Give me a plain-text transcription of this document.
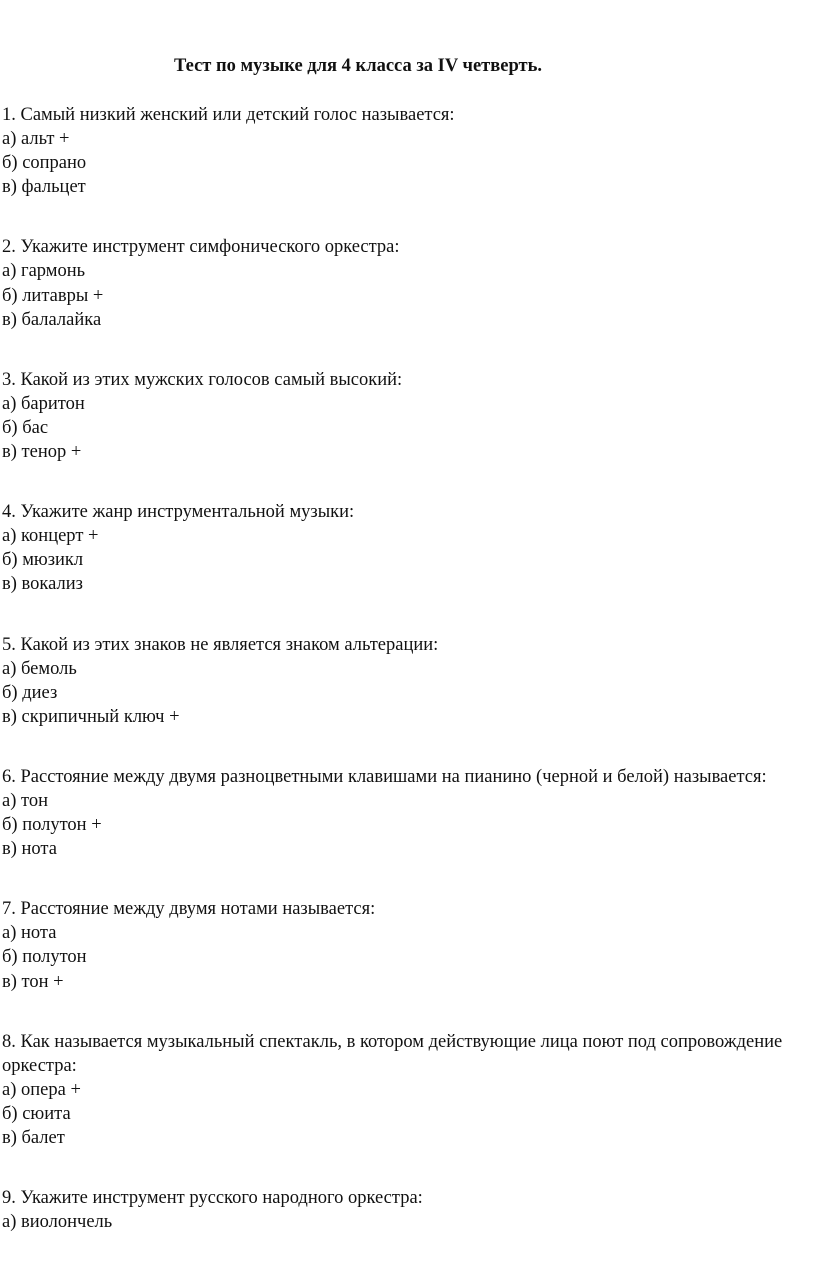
Тест по музыке для 4 класса за IV четверть.
1. Самый низкий женский или детский голос называется:
а) альт +
б) сопрано
в) фальцет
2. Укажите инструмент симфонического оркестра:
а) гармонь
б) литавры +
в) балалайка
3. Какой из этих мужских голосов самый высокий:
а) баритон
б) бас
в) тенор +
4. Укажите жанр инструментальной музыки:
а) концерт +
б) мюзикл
в) вокализ
5. Какой из этих знаков не является знаком альтерации:
а) бемоль
б) диез
в) скрипичный ключ +
6. Расстояние между двумя разноцветными клавишами на пианино (черной и белой) называется:
а) тон
б) полутон +
в) нота
7. Расстояние между двумя нотами называется:
а) нота
б) полутон
в) тон +
8. Как называется музыкальный спектакль, в котором действующие лица поют под сопровождение оркестра:
а) опера +
б) сюита
в) балет
9. Укажите инструмент русского народного оркестра:
а) виолончель
